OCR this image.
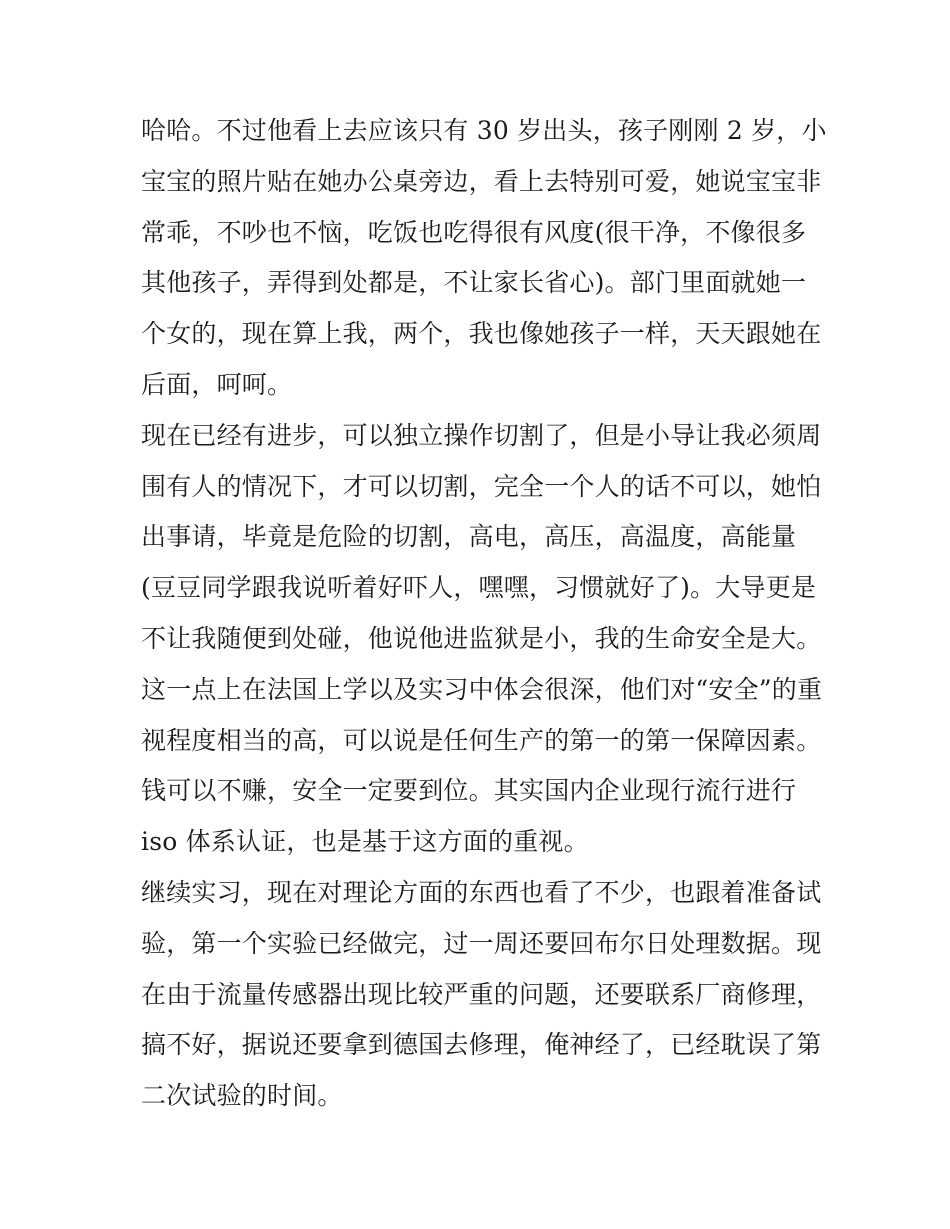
哈哈。不过他看上去应该只有 30 岁出头，孩子刚刚 2 岁，小
宝宝的照片贴在她办公桌旁边，看上去特别可爱，她说宝宝非
常乖，不吵也不恼，吃饭也吃得很有风度(很干净，不像很多
其他孩子，弄得到处都是，不让家长省心)。部门里面就她一
个女的，现在算上我，两个，我也像她孩子一样，天天跟她在
后面，呵呵。
现在已经有进步，可以独立操作切割了，但是小导让我必须周
围有人的情况下，才可以切割，完全一个人的话不可以，她怕
出事请，毕竟是危险的切割，高电，高压，高温度，高能量
(豆豆同学跟我说听着好吓人，嘿嘿，习惯就好了)。大导更是
不让我随便到处碰，他说他进监狱是小，我的生命安全是大。
这一点上在法国上学以及实习中体会很深，他们对“安全”的重
视程度相当的高，可以说是任何生产的第一的第一保障因素。
钱可以不赚，安全一定要到位。其实国内企业现行流行进行
iso 体系认证，也是基于这方面的重视。
继续实习，现在对理论方面的东西也看了不少，也跟着准备试
验，第一个实验已经做完，过一周还要回布尔日处理数据。现
在由于流量传感器出现比较严重的问题，还要联系厂商修理，
搞不好，据说还要拿到德国去修理，俺神经了，已经耽误了第
二次试验的时间。
